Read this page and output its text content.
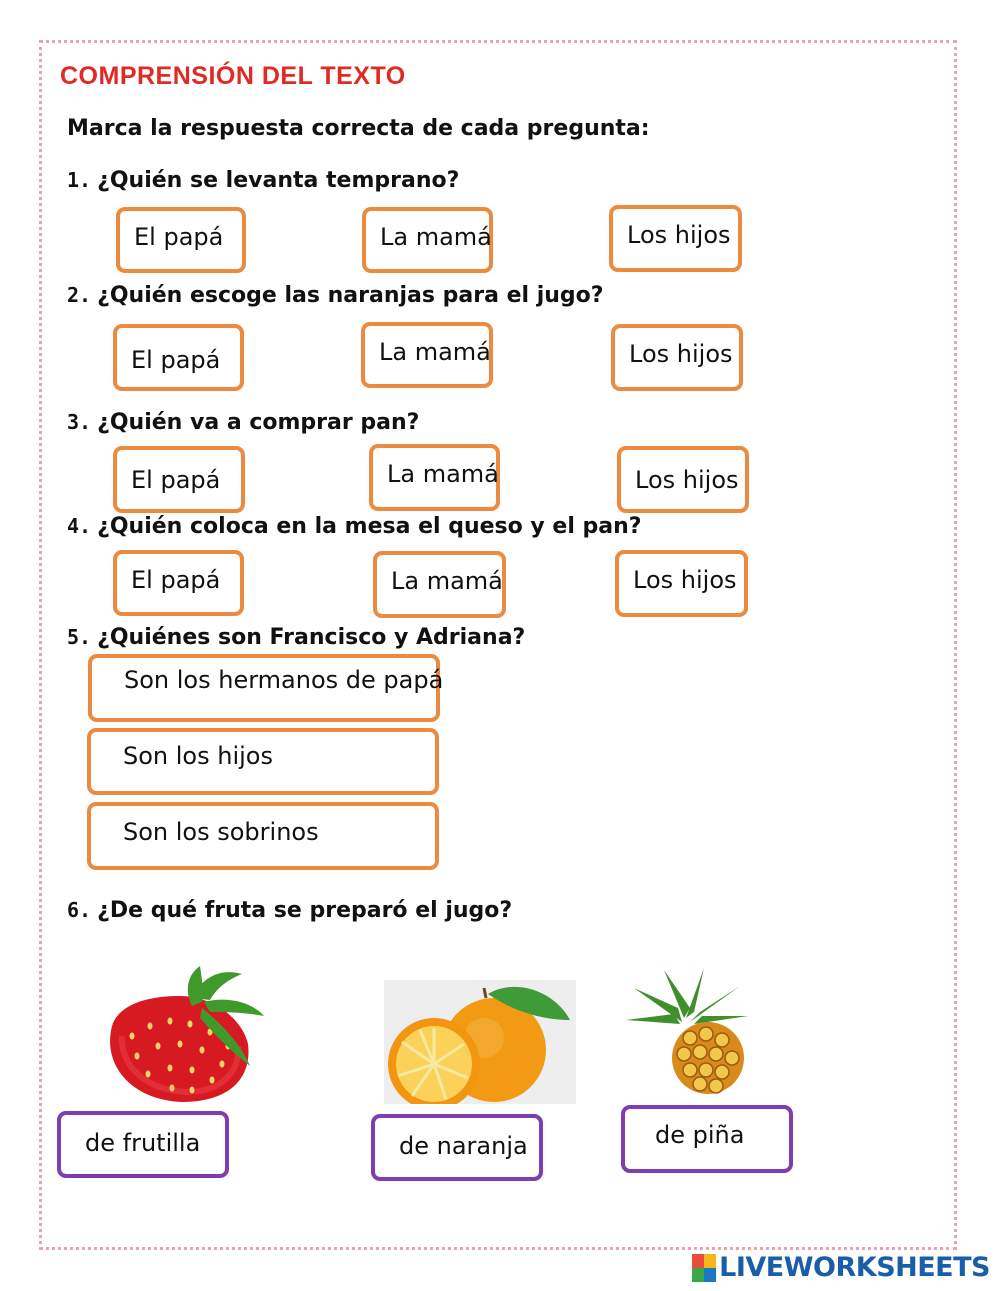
COMPRENSIÓN DEL TEXTO
Marca la respuesta correcta de cada pregunta:
1. ¿Quién se levanta temprano?
El papá	La mamá	Los hijos
2. ¿Quién escoge las naranjas para el jugo?
El papá	La mamá	Los hijos
3. ¿Quién va a comprar pan?
El papá	La mamá	Los hijos
4. ¿Quién coloca en la mesa el queso y el pan?
El papá	La mamá	Los hijos
5. ¿Quiénes son Francisco y Adriana?
Son los hermanos de papá
Son los hijos
Son los sobrinos
6. ¿De qué fruta se preparó el jugo?
de frutilla	de naranja	de piña
LIVEWORKSHEETS
